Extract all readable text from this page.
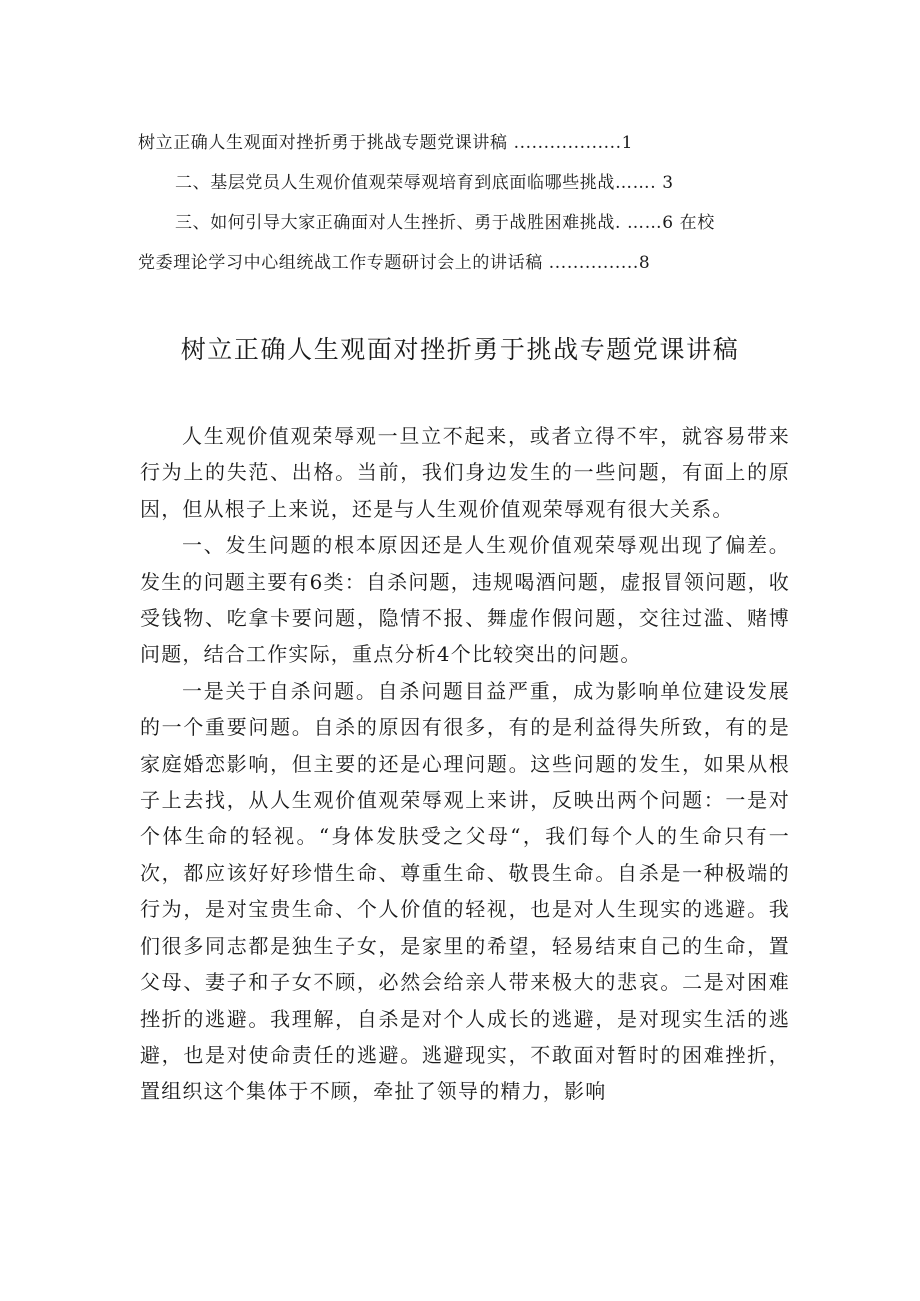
树立正确人生观面对挫折勇于挑战专题党课讲稿 ..................1
二、基层党员人生观价值观荣辱观培育到底面临哪些挑战……. 3
三、如何引导大家正确面对人生挫折、勇于战胜困难挑战. ……6 在校
党委理论学习中心组统战工作专题研讨会上的讲话稿 ...............8
树立正确人生观面对挫折勇于挑战专题党课讲稿

人生观价值观荣辱观一旦立不起来，或者立得不牢，就容易带来行为上的失范、出格。当前，我们身边发生的一些问题，有面上的原因，但从根子上来说，还是与人生观价值观荣辱观有很大关系。

一、发生问题的根本原因还是人生观价值观荣辱观出现了偏差。发生的问题主要有6类：自杀问题，违规喝酒问题，虚报冒领问题，收受钱物、吃拿卡要问题，隐情不报、舞虚作假问题，交往过滥、赌博问题，结合工作实际，重点分析4个比较突出的问题。

一是关于自杀问题。自杀问题目益严重，成为影响单位建设发展的一个重要问题。自杀的原因有很多，有的是利益得失所致，有的是家庭婚恋影响，但主要的还是心理问题。这些问题的发生，如果从根子上去找，从人生观价值观荣辱观上来讲，反映出两个问题：一是对个体生命的轻视。“身体发肤受之父母“，我们每个人的生命只有一次，都应该好好珍惜生命、尊重生命、敬畏生命。自杀是一种极端的行为，是对宝贵生命、个人价值的轻视，也是对人生现实的逃避。我们很多同志都是独生子女，是家里的希望，轻易结束自己的生命，置父母、妻子和子女不顾，必然会给亲人带来极大的悲哀。二是对困难挫折的逃避。我理解，自杀是对个人成长的逃避，是对现实生活的逃避，也是对使命责任的逃避。逃避现实，不敢面对暂时的困难挫折，置组织这个集体于不顾，牵扯了领导的精力，影响
